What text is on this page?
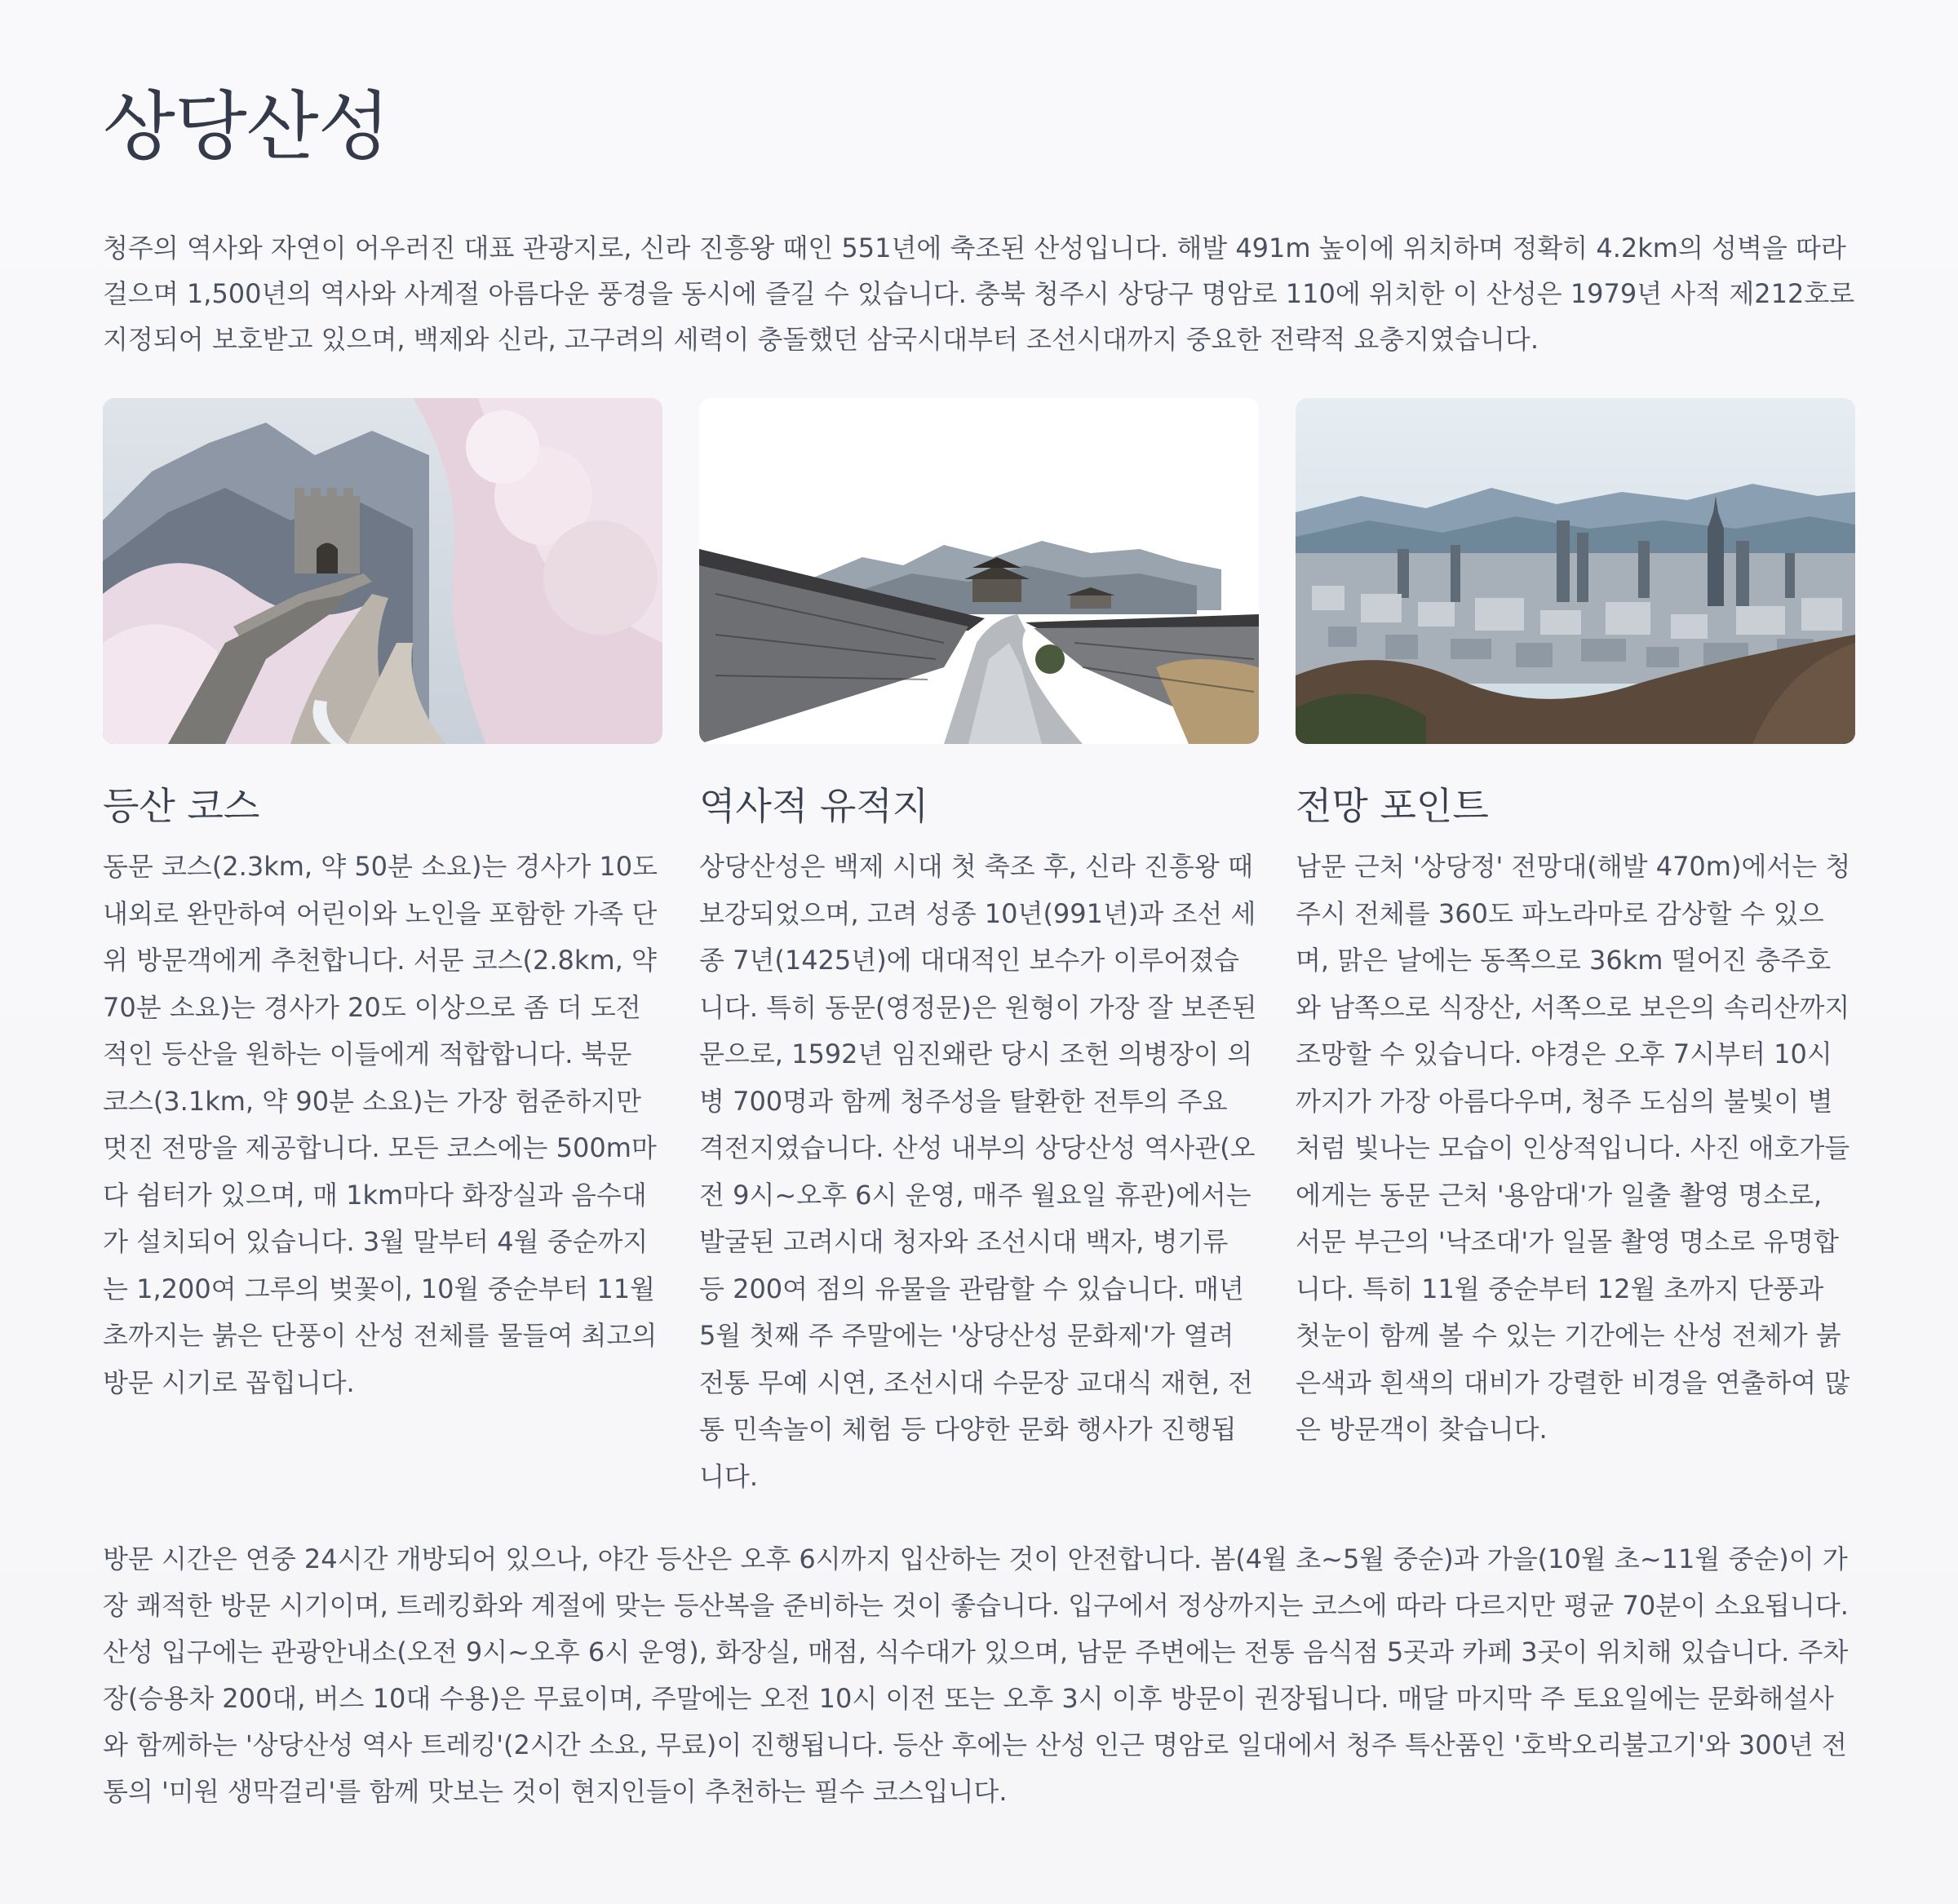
상당산성

청주의 역사와 자연이 어우러진 대표 관광지로, 신라 진흥왕 때인 551년에 축조된 산성입니다. 해발 491m 높이에 위치하며 정확히 4.2km의 성벽을 따라 걸으며 1,500년의 역사와 사계절 아름다운 풍경을 동시에 즐길 수 있습니다. 충북 청주시 상당구 명암로 110에 위치한 이 산성은 1979년 사적 제212호로 지정되어 보호받고 있으며, 백제와 신라, 고구려의 세력이 충돌했던 삼국시대부터 조선시대까지 중요한 전략적 요충지였습니다.

등산 코스

동문 코스(2.3km, 약 50분 소요)는 경사가 10도 내외로 완만하여 어린이와 노인을 포함한 가족 단위 방문객에게 추천합니다. 서문 코스(2.8km, 약 70분 소요)는 경사가 20도 이상으로 좀 더 도전적인 등산을 원하는 이들에게 적합합니다. 북문 코스(3.1km, 약 90분 소요)는 가장 험준하지만 멋진 전망을 제공합니다. 모든 코스에는 500m마다 쉼터가 있으며, 매 1km마다 화장실과 음수대가 설치되어 있습니다. 3월 말부터 4월 중순까지는 1,200여 그루의 벚꽃이, 10월 중순부터 11월 초까지는 붉은 단풍이 산성 전체를 물들여 최고의 방문 시기로 꼽힙니다.

역사적 유적지

상당산성은 백제 시대 첫 축조 후, 신라 진흥왕 때 보강되었으며, 고려 성종 10년(991년)과 조선 세종 7년(1425년)에 대대적인 보수가 이루어졌습니다. 특히 동문(영정문)은 원형이 가장 잘 보존된 문으로, 1592년 임진왜란 당시 조헌 의병장이 의병 700명과 함께 청주성을 탈환한 전투의 주요 격전지였습니다. 산성 내부의 상당산성 역사관(오전 9시~오후 6시 운영, 매주 월요일 휴관)에서는 발굴된 고려시대 청자와 조선시대 백자, 병기류 등 200여 점의 유물을 관람할 수 있습니다. 매년 5월 첫째 주 주말에는 '상당산성 문화제'가 열려 전통 무예 시연, 조선시대 수문장 교대식 재현, 전통 민속놀이 체험 등 다양한 문화 행사가 진행됩니다.

전망 포인트

남문 근처 '상당정' 전망대(해발 470m)에서는 청주시 전체를 360도 파노라마로 감상할 수 있으며, 맑은 날에는 동쪽으로 36km 떨어진 충주호와 남쪽으로 식장산, 서쪽으로 보은의 속리산까지 조망할 수 있습니다. 야경은 오후 7시부터 10시까지가 가장 아름다우며, 청주 도심의 불빛이 별처럼 빛나는 모습이 인상적입니다. 사진 애호가들에게는 동문 근처 '용암대'가 일출 촬영 명소로, 서문 부근의 '낙조대'가 일몰 촬영 명소로 유명합니다. 특히 11월 중순부터 12월 초까지 단풍과 첫눈이 함께 볼 수 있는 기간에는 산성 전체가 붉은색과 흰색의 대비가 강렬한 비경을 연출하여 많은 방문객이 찾습니다.

방문 시간은 연중 24시간 개방되어 있으나, 야간 등산은 오후 6시까지 입산하는 것이 안전합니다. 봄(4월 초~5월 중순)과 가을(10월 초~11월 중순)이 가장 쾌적한 방문 시기이며, 트레킹화와 계절에 맞는 등산복을 준비하는 것이 좋습니다. 입구에서 정상까지는 코스에 따라 다르지만 평균 70분이 소요됩니다. 산성 입구에는 관광안내소(오전 9시~오후 6시 운영), 화장실, 매점, 식수대가 있으며, 남문 주변에는 전통 음식점 5곳과 카페 3곳이 위치해 있습니다. 주차장(승용차 200대, 버스 10대 수용)은 무료이며, 주말에는 오전 10시 이전 또는 오후 3시 이후 방문이 권장됩니다. 매달 마지막 주 토요일에는 문화해설사와 함께하는 '상당산성 역사 트레킹'(2시간 소요, 무료)이 진행됩니다. 등산 후에는 산성 인근 명암로 일대에서 청주 특산품인 '호박오리불고기'와 300년 전통의 '미원 생막걸리'를 함께 맛보는 것이 현지인들이 추천하는 필수 코스입니다.
